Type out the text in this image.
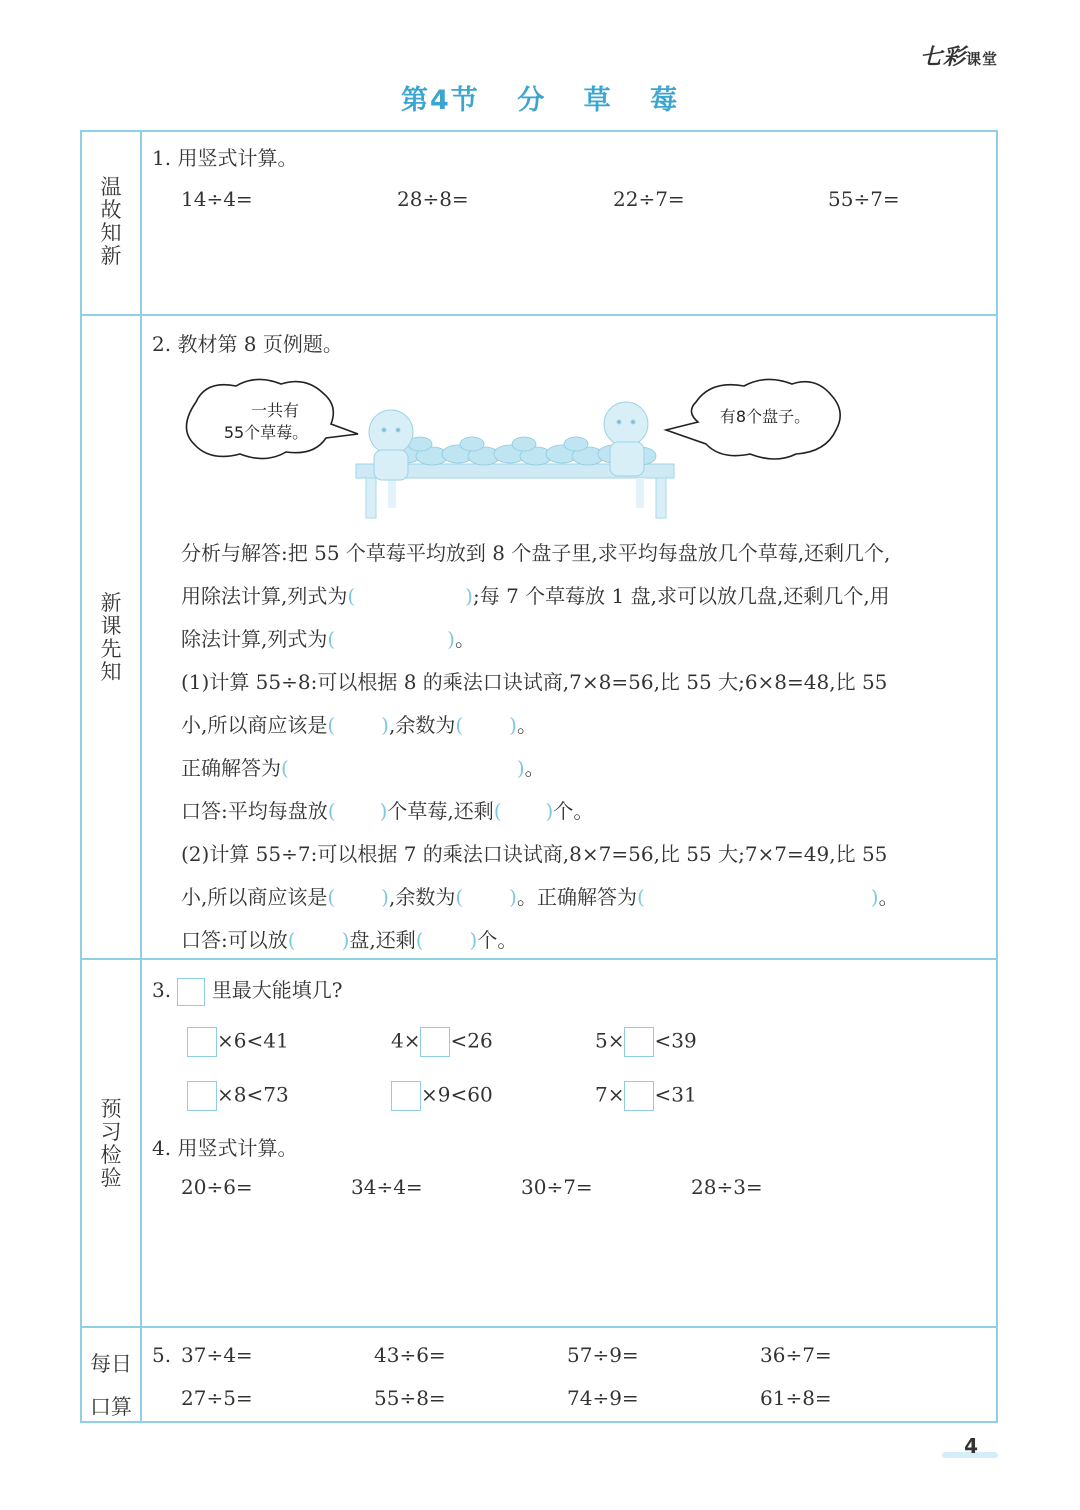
七彩课堂
第4节 分 草 莓
温故知新
新课先知
预习检验
每日
口算
1. 用竖式计算。
14÷4=	28÷8=	22÷7=	55÷7=
2. 教材第 8 页例题。
一共有
55个草莓。
有8个盘子。
分析与解答:把 55 个草莓平均放到 8 个盘子里,求平均每盘放几个草莓,还剩几个,
用除法计算,列式为(	);每 7 个草莓放 1 盘,求可以放几盘,还剩几个,用
除法计算,列式为(	)。
(1)计算 55÷8:可以根据 8 的乘法口诀试商,7×8=56,比 55 大;6×8=48,比 55
小,所以商应该是( ),余数为( )。
正确解答为(	)。
口答:平均每盘放( )个草莓,还剩( )个。
(2)计算 55÷7:可以根据 7 的乘法口诀试商,8×7=56,比 55 大;7×7=49,比 55
小,所以商应该是( ),余数为( )。正确解答为(	)。
口答:可以放( )盘,还剩( )个。
3. 里最大能填几?
×6<41	4× <26	5× <39
×8<73	×9<60	7× <31
4. 用竖式计算。
20÷6=	34÷4=	30÷7=	28÷3=
5. 37÷4=	43÷6=	57÷9=	36÷7=
27÷5=	55÷8=	74÷9=	61÷8=
4
